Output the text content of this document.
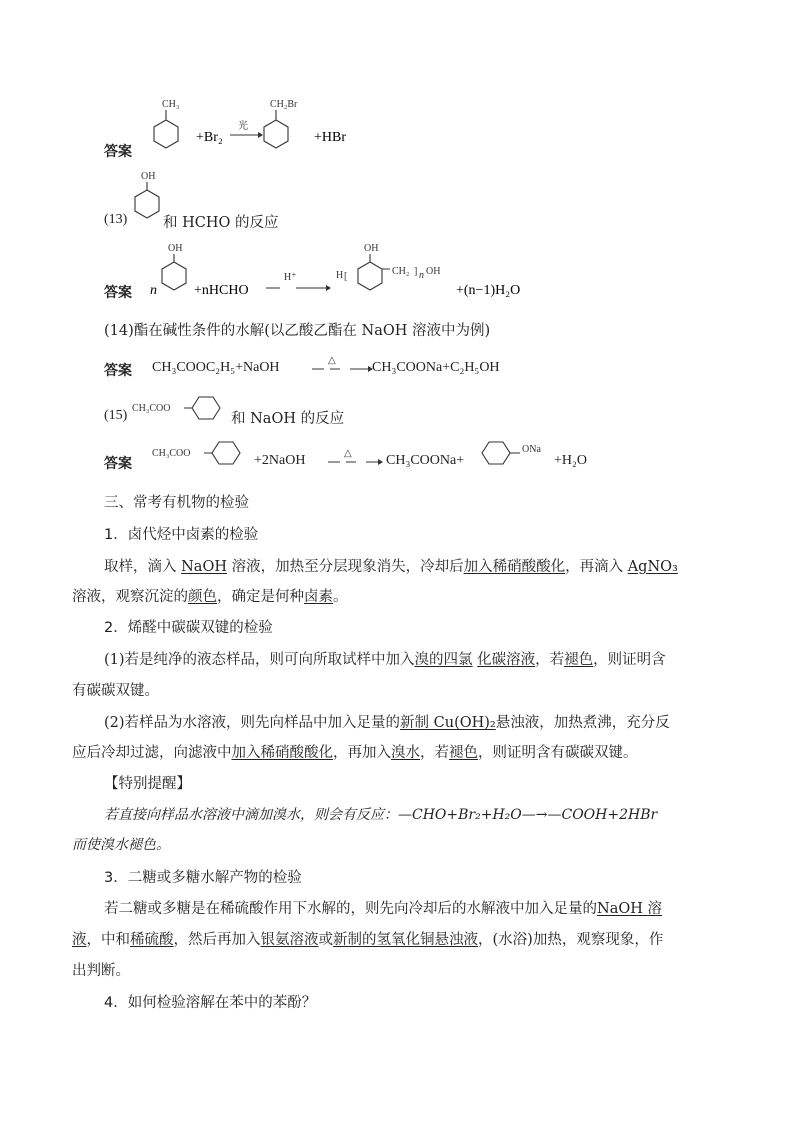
答案
CH₃
+Br₂
光
CH₂Br
+HBr
(13)
OH
和 HCHO 的反应
答案 n
OH
+nHCHO
H⁺	H [
OH
CH₂ ] n OH
+(n−1)H₂O
(14)酯在碱性条件的水解(以乙酸乙酯在 NaOH 溶液中为例)
答案 CH₃COOC₂H₅+NaOH	△	CH₃COONa+C₂H₅OH
(15) CH₃COO
和 NaOH 的反应
答案
CH₃COO	+2NaOH	△ CH₃COONa+
ONa
+H₂O
三、常考有机物的检验
1．卤代烃中卤素的检验
取样，滴入 NaOH 溶液，加热至分层现象消失，冷却后加入稀硝酸酸化，再滴入 AgNO₃
溶液，观察沉淀的颜色，确定是何种卤素。
2．烯醛中碳碳双键的检验
(1)若是纯净的液态样品，则可向所取试样中加入溴的四氯 化碳溶液，若褪色，则证明含
有碳碳双键。
(2)若样品为水溶液，则先向样品中加入足量的新制 Cu(OH)₂悬浊液，加热煮沸，充分反
应后冷却过滤，向滤液中加入稀硝酸酸化，再加入溴水，若褪色，则证明含有碳碳双键。
【特别提醒】
若直接向样品水溶液中滴加溴水，则会有反应：—CHO+Br₂+H₂O—→—COOH+2HBr
而使溴水褪色。
3．二糖或多糖水解产物的检验
若二糖或多糖是在稀硫酸作用下水解的，则先向冷却后的水解液中加入足量的NaOH 溶
液，中和稀硫酸，然后再加入银氨溶液或新制的氢氧化铜悬浊液，(水浴)加热，观察现象，作
出判断。
4．如何检验溶解在苯中的苯酚？
